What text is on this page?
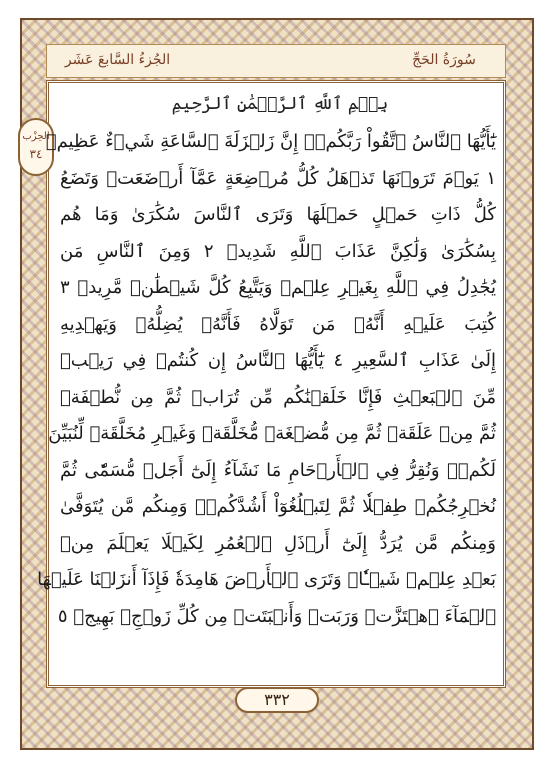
سُورَةُ الحَجِّ
الجُزءُ السَّابعَ عَشَر
الحِزْب
٣٤
بِسۡمِ ٱللَّهِ ٱلرَّحۡمَٰنِ ٱلرَّحِيمِ
يَٰٓأَيُّهَا ٱلنَّاسُ ٱتَّقُواْ رَبَّكُمۡۚ إِنَّ زَلۡزَلَةَ ٱلسَّاعَةِ شَيۡءٌ عَظِيمٞ
١ يَوۡمَ تَرَوۡنَهَا تَذۡهَلُ كُلُّ مُرۡضِعَةٍ عَمَّآ أَرۡضَعَتۡ وَتَضَعُ
كُلُّ ذَاتِ حَمۡلٍ حَمۡلَهَا وَتَرَى ٱلنَّاسَ سُكَٰرَىٰ وَمَا هُم
بِسُكَٰرَىٰ وَلَٰكِنَّ عَذَابَ ٱللَّهِ شَدِيدٞ ٢ وَمِنَ ٱلنَّاسِ مَن
يُجَٰدِلُ فِي ٱللَّهِ بِغَيۡرِ عِلۡمٖ وَيَتَّبِعُ كُلَّ شَيۡطَٰنٖ مَّرِيدٖ ٣
كُتِبَ عَلَيۡهِ أَنَّهُۥ مَن تَوَلَّاهُ فَأَنَّهُۥ يُضِلُّهُۥ وَيَهۡدِيهِ
إِلَىٰ عَذَابِ ٱلسَّعِيرِ ٤ يَٰٓأَيُّهَا ٱلنَّاسُ إِن كُنتُمۡ فِي رَيۡبٖ
مِّنَ ٱلۡبَعۡثِ فَإِنَّا خَلَقۡنَٰكُم مِّن تُرَابٖ ثُمَّ مِن نُّطۡفَةٖ
ثُمَّ مِنۡ عَلَقَةٖ ثُمَّ مِن مُّضۡغَةٖ مُّخَلَّقَةٖ وَغَيۡرِ مُخَلَّقَةٖ لِّنُبَيِّنَ
لَكُمۡۚ وَنُقِرُّ فِي ٱلۡأَرۡحَامِ مَا نَشَآءُ إِلَىٰٓ أَجَلٖ مُّسَمّٗى ثُمَّ
نُخۡرِجُكُمۡ طِفۡلٗا ثُمَّ لِتَبۡلُغُوٓاْ أَشُدَّكُمۡۖ وَمِنكُم مَّن يُتَوَفَّىٰ
وَمِنكُم مَّن يُرَدُّ إِلَىٰٓ أَرۡذَلِ ٱلۡعُمُرِ لِكَيۡلَا يَعۡلَمَ مِنۢ
بَعۡدِ عِلۡمٖ شَيۡـٔٗاۚ وَتَرَى ٱلۡأَرۡضَ هَامِدَةٗ فَإِذَآ أَنزَلۡنَا عَلَيۡهَا
ٱلۡمَآءَ ٱهۡتَزَّتۡ وَرَبَتۡ وَأَنۢبَتَتۡ مِن كُلِّ زَوۡجِۭ بَهِيجٖ ٥
٣٣٢
